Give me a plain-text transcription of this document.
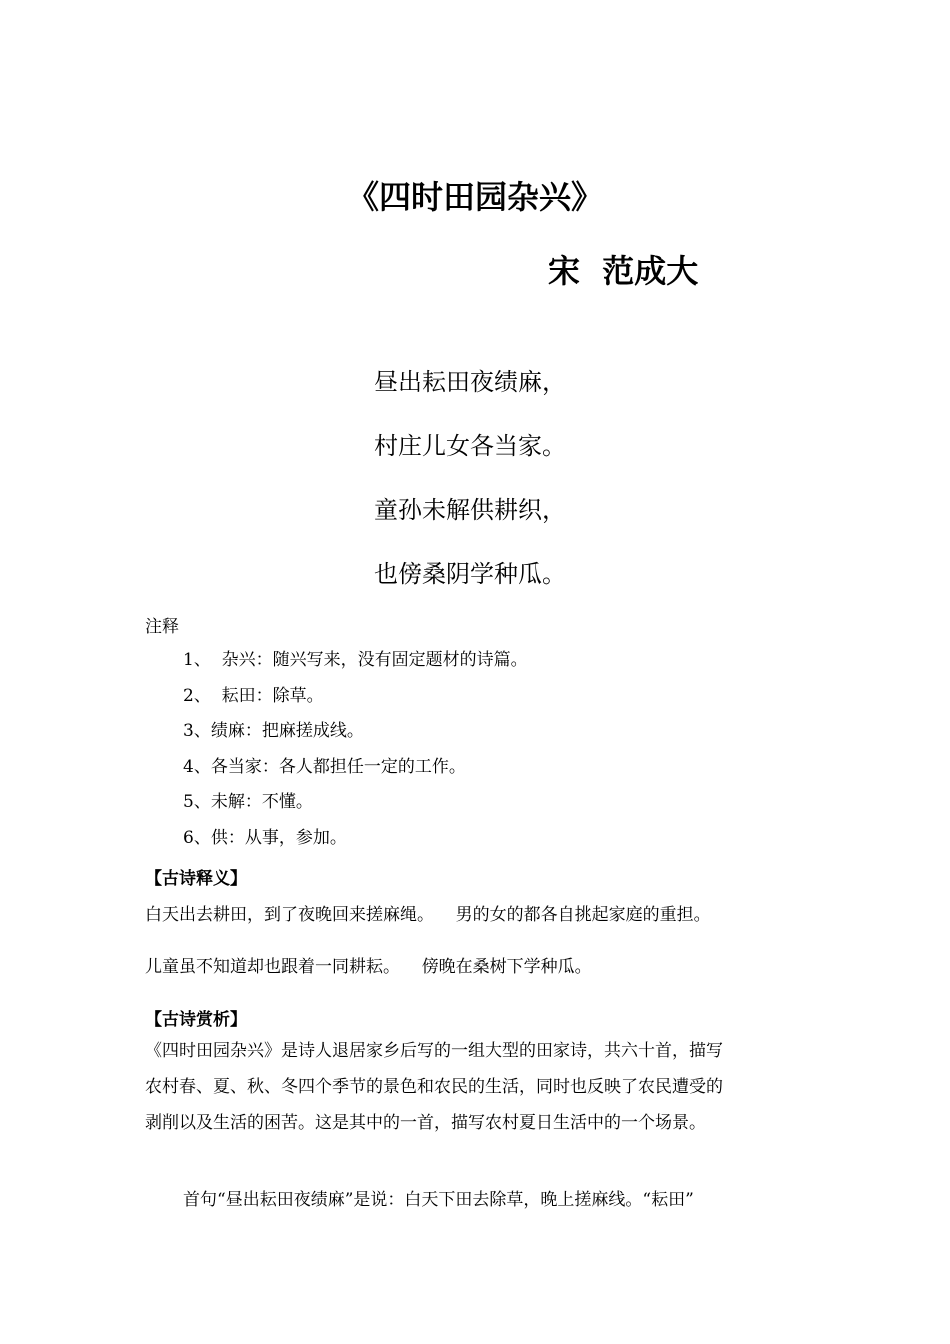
《四时田园杂兴》
宋  范成大
昼出耘田夜绩麻，
村庄儿女各当家。
童孙未解供耕织，
也傍桑阴学种瓜。
注释
1、  杂兴：随兴写来，没有固定题材的诗篇。
2、  耘田：除草。
3、绩麻：把麻搓成线。
4、各当家：各人都担任一定的工作。
5、未解：不懂。
6、供：从事，参加。
【古诗释义】
白天出去耕田，到了夜晚回来搓麻绳。    男的女的都各自挑起家庭的重担。
儿童虽不知道却也跟着一同耕耘。    傍晚在桑树下学种瓜。
【古诗赏析】
《四时田园杂兴》是诗人退居家乡后写的一组大型的田家诗，共六十首，描写
农村春、夏、秋、冬四个季节的景色和农民的生活，同时也反映了农民遭受的
剥削以及生活的困苦。这是其中的一首，描写农村夏日生活中的一个场景。
首句“昼出耘田夜绩麻”是说：白天下田去除草，晚上搓麻线。“耘田”
